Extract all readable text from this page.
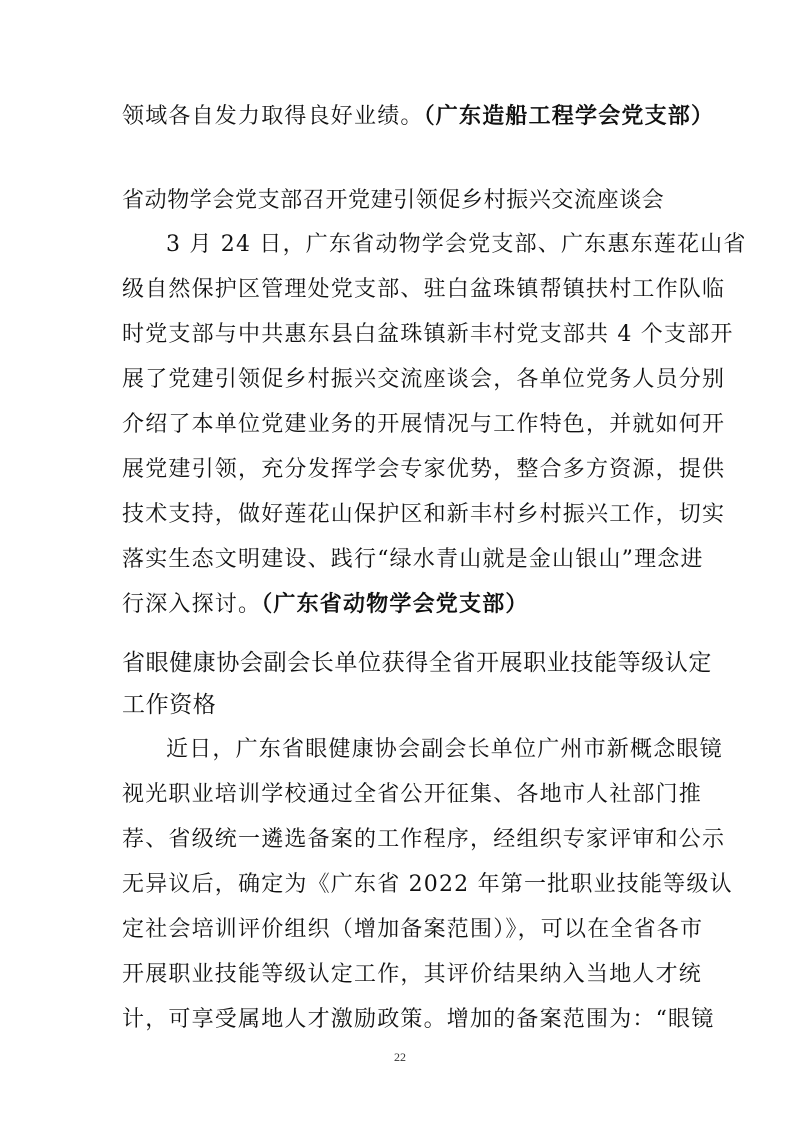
领域各自发力取得良好业绩。（广东造船工程学会党支部）
省动物学会党支部召开党建引领促乡村振兴交流座谈会
3 月 24 日，广东省动物学会党支部、广东惠东莲花山省
级自然保护区管理处党支部、驻白盆珠镇帮镇扶村工作队临
时党支部与中共惠东县白盆珠镇新丰村党支部共 4 个支部开
展了党建引领促乡村振兴交流座谈会，各单位党务人员分别
介绍了本单位党建业务的开展情况与工作特色，并就如何开
展党建引领，充分发挥学会专家优势，整合多方资源，提供
技术支持，做好莲花山保护区和新丰村乡村振兴工作，切实
落实生态文明建设、践行“绿水青山就是金山银山”理念进
行深入探讨。（广东省动物学会党支部）
省眼健康协会副会长单位获得全省开展职业技能等级认定
工作资格
近日，广东省眼健康协会副会长单位广州市新概念眼镜
视光职业培训学校通过全省公开征集、各地市人社部门推
荐、省级统一遴选备案的工作程序，经组织专家评审和公示
无异议后，确定为《广东省 2022 年第一批职业技能等级认
定社会培训评价组织（增加备案范围）》，可以在全省各市
开展职业技能等级认定工作，其评价结果纳入当地人才统
计，可享受属地人才激励政策。增加的备案范围为：“眼镜
22
